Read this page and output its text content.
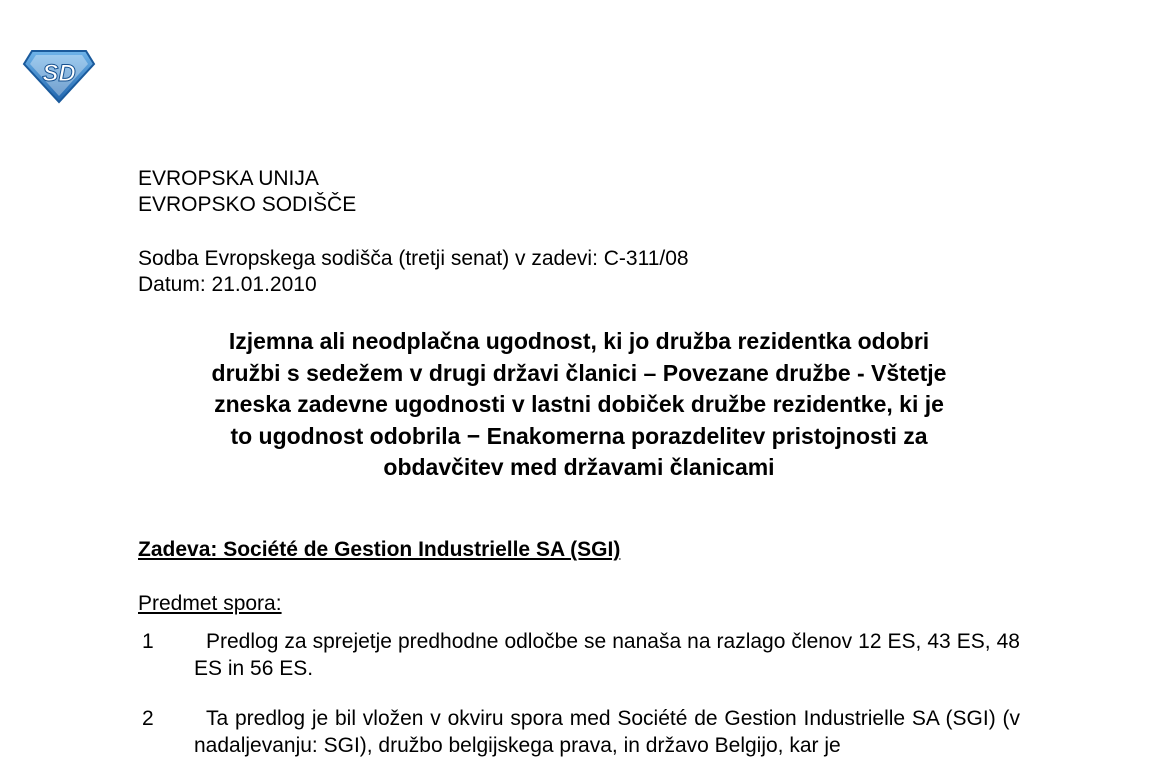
SD
EVROPSKA UNIJA
EVROPSKO SODIŠČE
Sodba Evropskega sodišča (tretji senat) v zadevi: C-311/08
Datum: 21.01.2010
Izjemna ali neodplačna ugodnost, ki jo družba rezidentka odobri
družbi s sedežem v drugi državi članici – Povezane družbe - Vštetje
zneska zadevne ugodnosti v lastni dobiček družbe rezidentke, ki je
to ugodnost odobrila − Enakomerna porazdelitev pristojnosti za
obdavčitev med državami članicami
Zadeva: Société de Gestion Industrielle SA (SGI)
Predmet spora:
1	Predlog za sprejetje predhodne odločbe se nanaša na razlago členov 12 ES, 43 ES, 48 ES in 56 ES.
2	Ta predlog je bil vložen v okviru spora med Société de Gestion Industrielle SA (SGI) (v nadaljevanju: SGI), družbo belgijskega prava, in državo Belgijo, kar je
